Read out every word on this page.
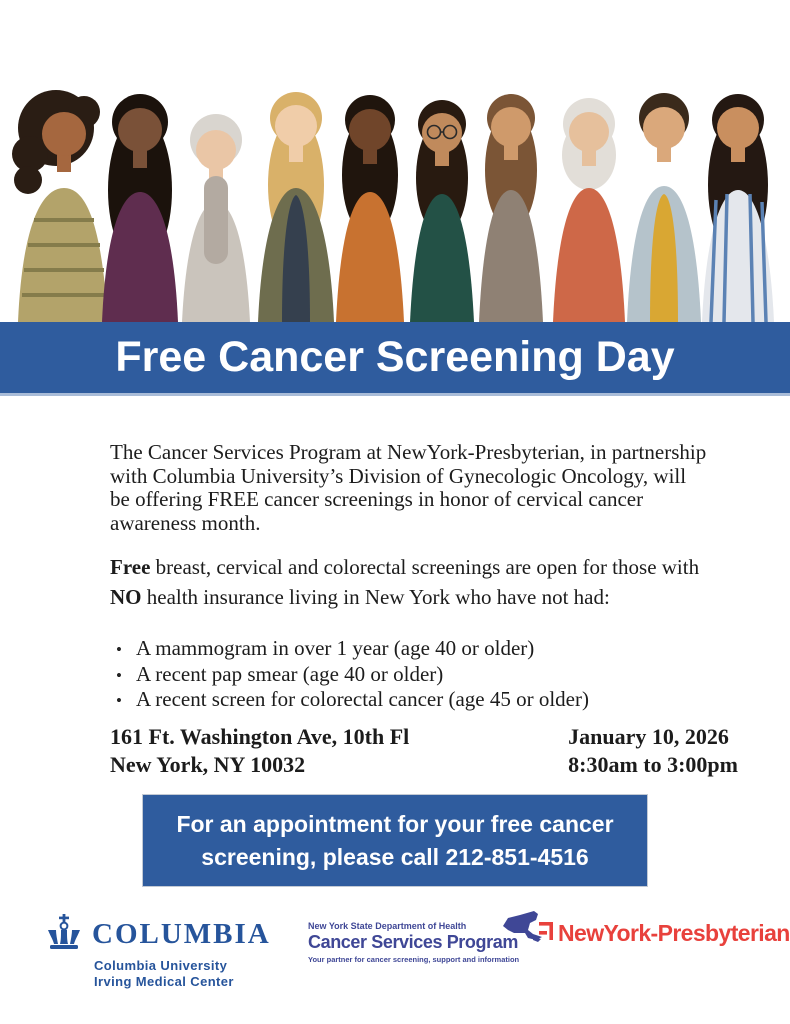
Free Cancer Screening Day

The Cancer Services Program at NewYork-Presbyterian, in partnership with Columbia University’s Division of Gynecologic Oncology, will be offering FREE cancer screenings in honor of cervical cancer awareness month.

Free breast, cervical and colorectal screenings are open for those with NO health insurance living in New York who have not had:

• A mammogram in over 1 year (age 40 or older)
• A recent pap smear (age 40 or older)
• A recent screen for colorectal cancer (age 45 or older)
161 Ft. Washington Ave, 10th Fl
New York, NY 10032
January 10, 2026
8:30am to 3:00pm
For an appointment for your free cancer
screening, please call 212-851-4516
COLUMBIA
Columbia University
Irving Medical Center
New York State Department of Health
Cancer Services Program
Your partner for cancer screening, support and information
NewYork-Presbyterian
